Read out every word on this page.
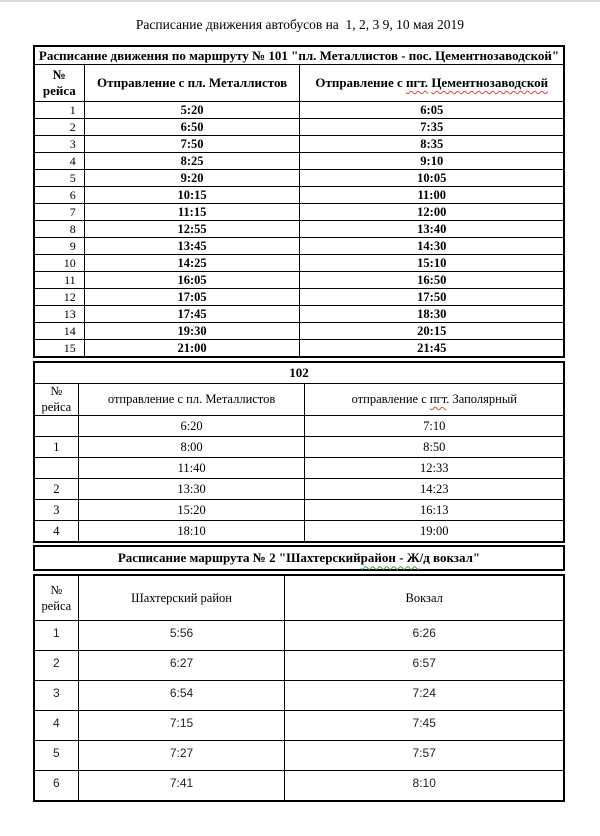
Расписание движения автобусов на  1, 2, 3 9, 10 мая 2019
Расписание движения по маршруту № 101 "пл. Металлистов - пос. Цементнозаводской"		
№ рейса	Отправление с пл. Металлистов	Отправление с пгт. Цементнозаводской
1	5:20	6:05
2	6:50	7:35
3	7:50	8:35
4	8:25	9:10
5	9:20	10:05
6	10:15	11:00
7	11:15	12:00
8	12:55	13:40
9	13:45	14:30
10	14:25	15:10
11	16:05	16:50
12	17:05	17:50
13	17:45	18:30
14	19:30	20:15
15	21:00	21:45
102		
№ рейса	отправление с пл. Металлистов	отправление с пгт. Заполярный
	6:20	7:10
1	8:00	8:50
	11:40	12:33
2	13:30	14:23
3	15:20	16:13
4	18:10	19:00
Расписание маршрута № 2 "Шахтерский район - Ж /д вокзал"
№ рейса	Шахтерский район	Вокзал
1	5:56	6:26
2	6:27	6:57
3	6:54	7:24
4	7:15	7:45
5	7:27	7:57
6	7:41	8:10
